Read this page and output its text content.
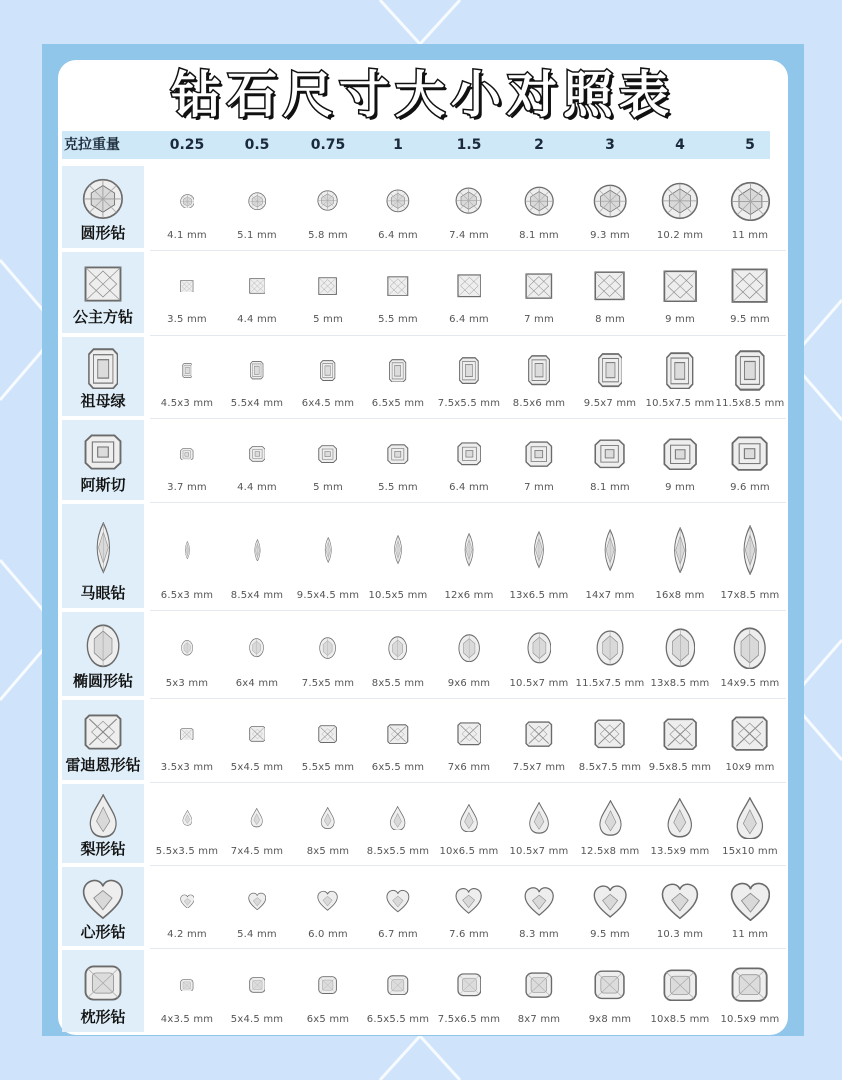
钻石尺寸大小对照表
克拉重量	0.25	0.5	0.75	1	1.5	2	3	4	5
圆形钻	4.1 mm	5.1 mm	5.8 mm	6.4 mm	7.4 mm	8.1 mm	9.3 mm	10.2 mm	11 mm
公主方钻	3.5 mm	4.4 mm	5 mm	5.5 mm	6.4 mm	7 mm	8 mm	9 mm	9.5 mm
祖母绿	4.5x3 mm	5.5x4 mm	6x4.5 mm	6.5x5 mm	7.5x5.5 mm	8.5x6 mm	9.5x7 mm 10.5x7.5 mm 11.5x8.5 mm
阿斯切	3.7 mm	4.4 mm	5 mm	5.5 mm	6.4 mm	7 mm	8.1 mm	9 mm	9.6 mm
马眼钻	6.5x3 mm	8.5x4 mm	9.5x4.5 mm 10.5x5 mm	12x6 mm	13x6.5 mm	14x7 mm	16x8 mm	17x8.5 mm
椭圆形钻	5x3 mm	6x4 mm	7.5x5 mm	8x5.5 mm	9x6 mm	10.5x7 mm 11.5x7.5 mm 13x8.5 mm	14x9.5 mm
雷迪恩形钻	3.5x3 mm	5x4.5 mm	5.5x5 mm	6x5.5 mm	7x6 mm	7.5x7 mm	8.5x7.5 mm 9.5x8.5 mm	10x9 mm
梨形钻	5.5x3.5 mm	7x4.5 mm	8x5 mm	8.5x5.5 mm	10x6.5 mm	10.5x7 mm	12.5x8 mm	13.5x9 mm	15x10 mm
心形钻	4.2 mm	5.4 mm	6.0 mm	6.7 mm	7.6 mm	8.3 mm	9.5 mm	10.3 mm	11 mm
枕形钻	4x3.5 mm	5x4.5 mm	6x5 mm	6.5x5.5 mm 7.5x6.5 mm	8x7 mm	9x8 mm	10x8.5 mm	10.5x9 mm
